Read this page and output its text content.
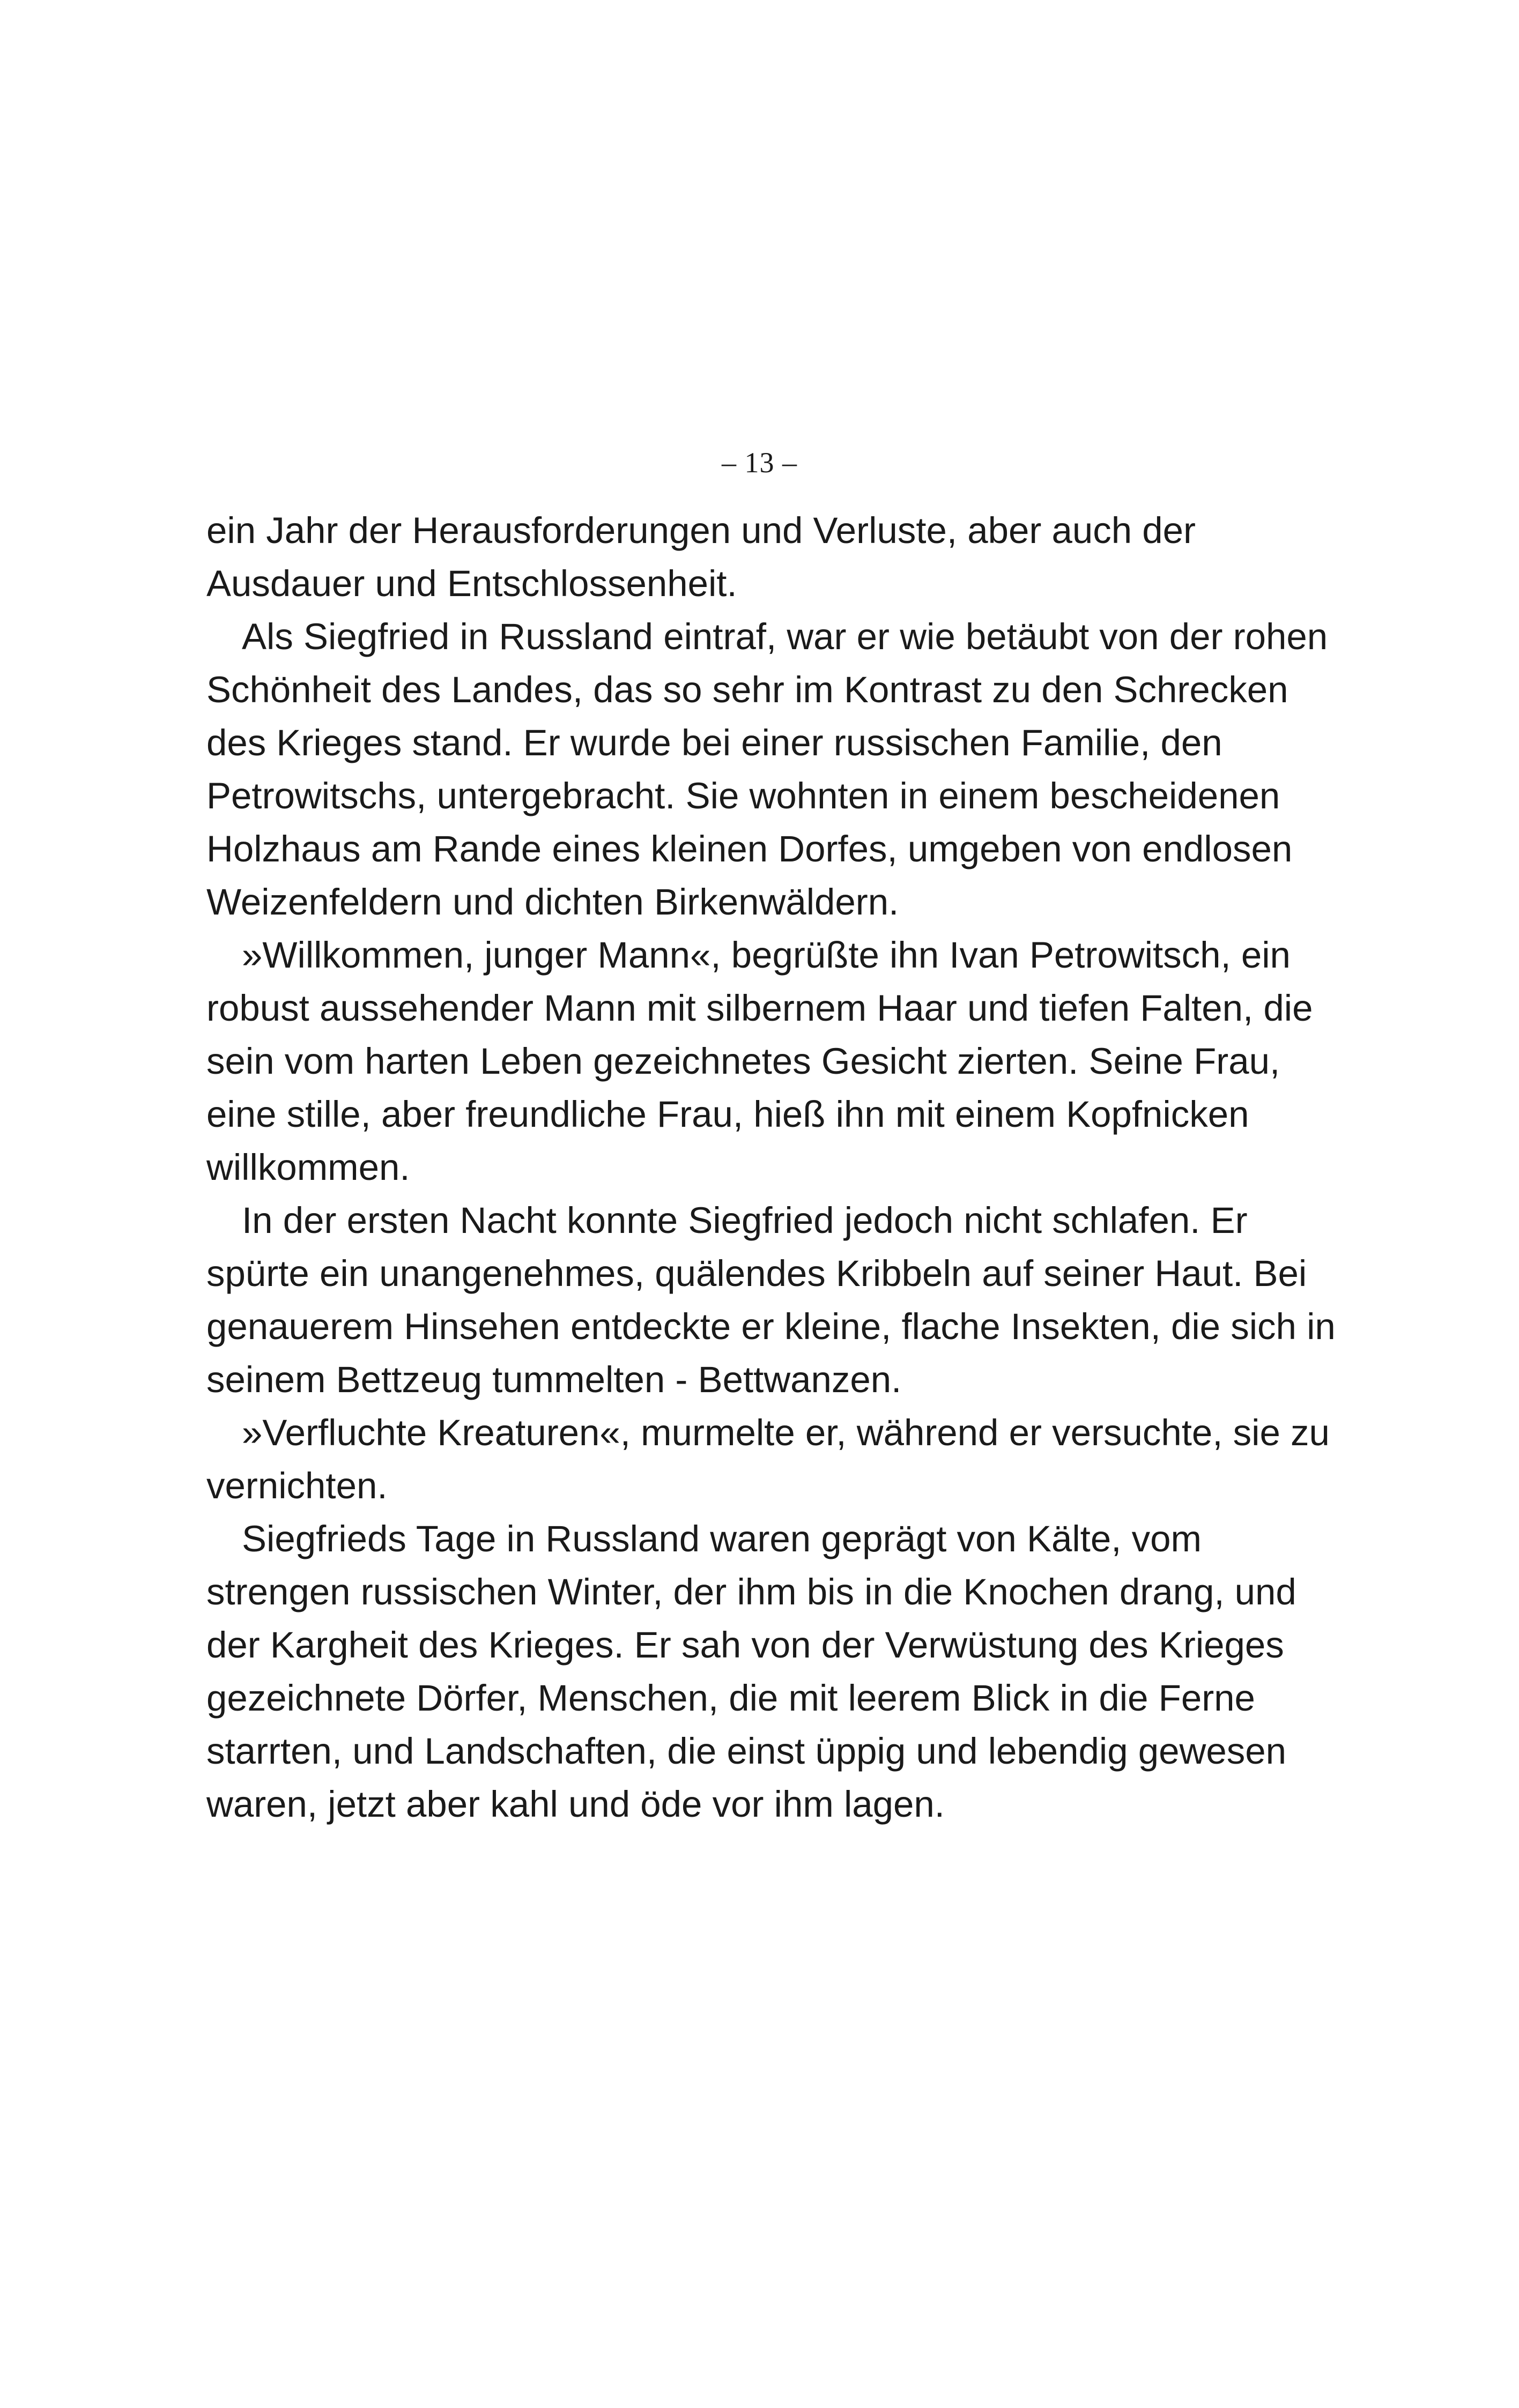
– 13 –

ein Jahr der Herausforderungen und Verluste, aber auch der

Ausdauer und Entschlossenheit.

Als Siegfried in Russland eintraf, war er wie betäubt von der rohen

Schönheit des Landes, das so sehr im Kontrast zu den Schrecken

des Krieges stand. Er wurde bei einer russischen Familie, den

Petrowitschs, untergebracht. Sie wohnten in einem bescheidenen

Holzhaus am Rande eines kleinen Dorfes, umgeben von endlosen

Weizenfeldern und dichten Birkenwäldern.

»Willkommen, junger Mann«, begrüßte ihn Ivan Petrowitsch, ein

robust aussehender Mann mit silbernem Haar und tiefen Falten, die

sein vom harten Leben gezeichnetes Gesicht zierten. Seine Frau,

eine stille, aber freundliche Frau, hieß ihn mit einem Kopfnicken

willkommen.

In der ersten Nacht konnte Siegfried jedoch nicht schlafen. Er

spürte ein unangenehmes, quälendes Kribbeln auf seiner Haut. Bei

genauerem Hinsehen entdeckte er kleine, flache Insekten, die sich in

seinem Bettzeug tummelten - Bettwanzen.

»Verfluchte Kreaturen«, murmelte er, während er versuchte, sie zu

vernichten.

Siegfrieds Tage in Russland waren geprägt von Kälte, vom

strengen russischen Winter, der ihm bis in die Knochen drang, und

der Kargheit des Krieges. Er sah von der Verwüstung des Krieges

gezeichnete Dörfer, Menschen, die mit leerem Blick in die Ferne

starrten, und Landschaften, die einst üppig und lebendig gewesen

waren, jetzt aber kahl und öde vor ihm lagen.
